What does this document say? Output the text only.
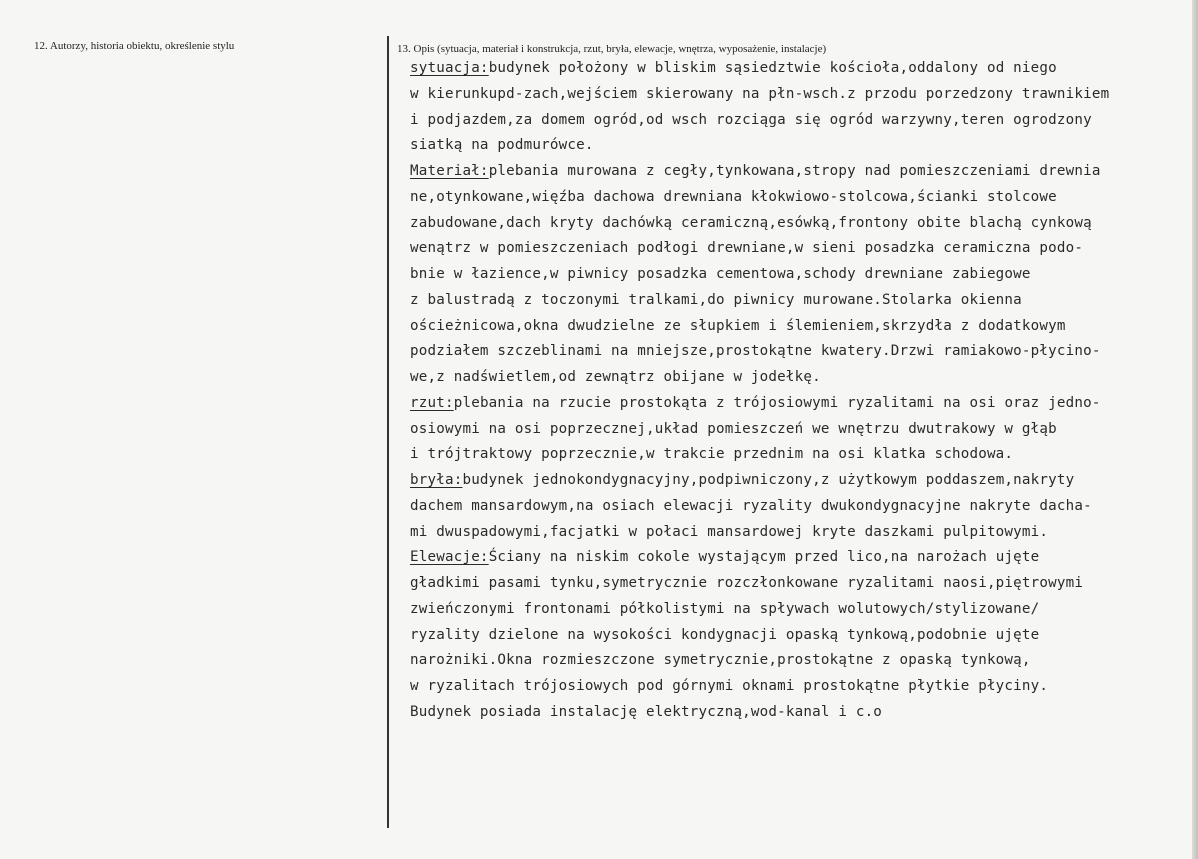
12. Autorzy, historia obiektu, określenie stylu	13. Opis (sytuacja, materiał i konstrukcja, rzut, bryła, elewacje, wnętrza, wyposażenie, instalacje)
sytuacja:budynek położony w bliskim sąsiedztwie kościoła,oddalony od niego
w kierunkupd-zach,wejściem skierowany na płn-wsch.z przodu porzedzony trawnikiem
i podjazdem,za domem ogród,od wsch rozciąga się ogród warzywny,teren ogrodzony
siatką na podmurówce.
Materiał:plebania murowana z cegły,tynkowana,stropy nad pomieszczeniami drewnia
ne,otynkowane,więźba dachowa drewniana kłokwiowo-stolcowa,ścianki stolcowe
zabudowane,dach kryty dachówką ceramiczną,esówką,frontony obite blachą cynkową
wenątrz w pomieszczeniach podłogi drewniane,w sieni posadzka ceramiczna podo-
bnie w łazience,w piwnicy posadzka cementowa,schody drewniane zabiegowe
z balustradą z toczonymi tralkami,do piwnicy murowane.Stolarka okienna
ościeżnicowa,okna dwudzielne ze słupkiem i ślemieniem,skrzydła z dodatkowym
podziałem szczeblinami na mniejsze,prostokątne kwatery.Drzwi ramiakowo-płycino-
we,z nadświetlem,od zewnątrz obijane w jodełkę.
rzut:plebania na rzucie prostokąta z trójosiowymi ryzalitami na osi oraz jedno-
osiowymi na osi poprzecznej,układ pomieszczeń we wnętrzu dwutrakowy w głąb
i trójtraktowy poprzecznie,w trakcie przednim na osi klatka schodowa.
bryła:budynek jednokondygnacyjny,podpiwniczony,z użytkowym poddaszem,nakryty
dachem mansardowym,na osiach elewacji ryzality dwukondygnacyjne nakryte dacha-
mi dwuspadowymi,facjatki w połaci mansardowej kryte daszkami pulpitowymi.
Elewacje:Ściany na niskim cokole wystającym przed lico,na narożach ujęte
gładkimi pasami tynku,symetrycznie rozczłonkowane ryzalitami naosi,piętrowymi
zwieńczonymi frontonami półkolistymi na spływach wolutowych/stylizowane/
ryzality dzielone na wysokości kondygnacji opaską tynkową,podobnie ujęte
narożniki.Okna rozmieszczone symetrycznie,prostokątne z opaską tynkową,
w ryzalitach trójosiowych pod górnymi oknami prostokątne płytkie płyciny.
Budynek posiada instalację elektryczną,wod-kanal i c.o
